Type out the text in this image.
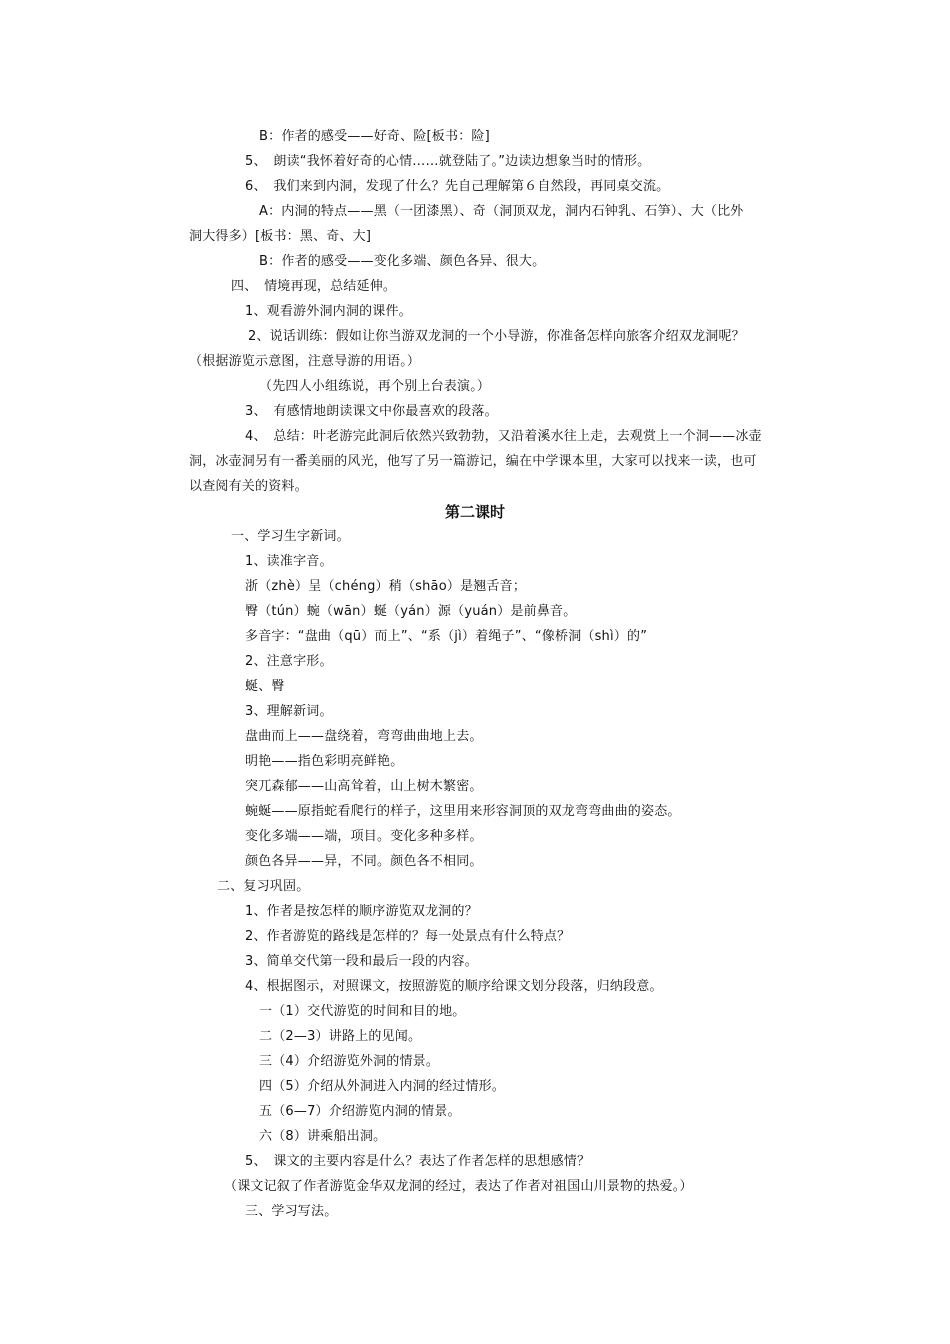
B：作者的感受——好奇、险[板书：险]
5、　朗读“我怀着好奇的心情……就登陆了。”边读边想象当时的情形。
6、　我们来到内洞，发现了什么？先自己理解第６自然段，再同桌交流。
A：内洞的特点——黑（一团漆黑）、奇（洞顶双龙，洞内石钟乳、石笋）、大（比外
洞大得多）[板书：黑、奇、大]
B：作者的感受——变化多端、颜色各异、很大。
四、　情境再现，总结延伸。
1、观看游外洞内洞的课件。
2、说话训练：假如让你当游双龙洞的一个小导游，你准备怎样向旅客介绍双龙洞呢？
（根据游览示意图，注意导游的用语。）
（先四人小组练说，再个别上台表演。）
3、　有感情地朗读课文中你最喜欢的段落。
4、　总结：叶老游完此洞后依然兴致勃勃，又沿着溪水往上走，去观赏上一个洞——冰壶
洞，冰壶洞另有一番美丽的风光，他写了另一篇游记，编在中学课本里，大家可以找来一读，也可
以查阅有关的资料。
第二课时
一、学习生字新词。
1、读准字音。
浙（zhè）呈（chéng）稍（shāo）是翘舌音；
臀（tún）蜿（wān）蜒（yán）源（yuán）是前鼻音。
多音字：“盘曲（qū）而上”、“系（jì）着绳子”、“像桥洞（shì）的”
2、注意字形。
蜒、臀
3、理解新词。
盘曲而上——盘绕着，弯弯曲曲地上去。
明艳——指色彩明亮鲜艳。
突兀森郁——山高耸着，山上树木繁密。
蜿蜒——原指蛇看爬行的样子，这里用来形容洞顶的双龙弯弯曲曲的姿态。
变化多端——端，项目。变化多种多样。
颜色各异——异，不同。颜色各不相同。
二、复习巩固。
1、作者是按怎样的顺序游览双龙洞的？
2、作者游览的路线是怎样的？每一处景点有什么特点？
3、简单交代第一段和最后一段的内容。
4、根据图示，对照课文，按照游览的顺序给课文划分段落，归纳段意。
一（1）交代游览的时间和目的地。
二（2—3）讲路上的见闻。
三（4）介绍游览外洞的情景。
四（5）介绍从外洞进入内洞的经过情形。
五（6—7）介绍游览内洞的情景。
六（8）讲乘船出洞。
5、　课文的主要内容是什么？表达了作者怎样的思想感情？
（课文记叙了作者游览金华双龙洞的经过，表达了作者对祖国山川景物的热爱。）
三、学习写法。
